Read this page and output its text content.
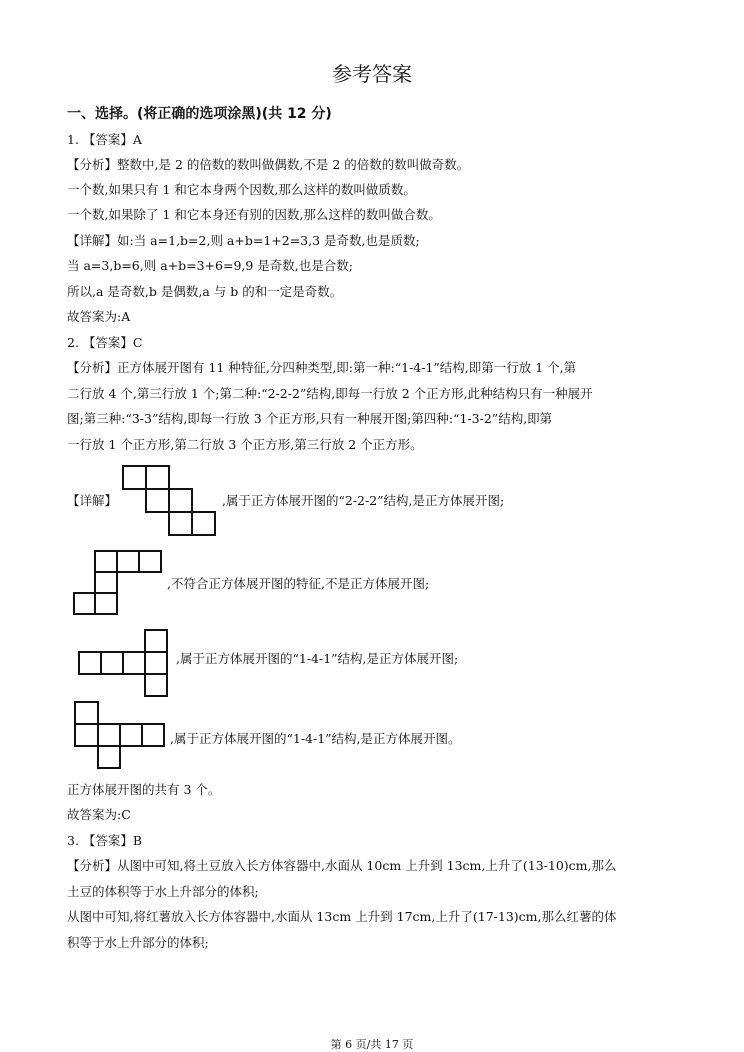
参考答案
一、选择。(将正确的选项涂黑)(共 12 分)
1. 【答案】A
【分析】整数中,是 2 的倍数的数叫做偶数,不是 2 的倍数的数叫做奇数。
一个数,如果只有 1 和它本身两个因数,那么这样的数叫做质数。
一个数,如果除了 1 和它本身还有别的因数,那么这样的数叫做合数。
【详解】如:当 a=1,b=2,则 a+b=1+2=3,3 是奇数,也是质数;
当 a=3,b=6,则 a+b=3+6=9,9 是奇数,也是合数;
所以,a 是奇数,b 是偶数,a 与 b 的和一定是奇数。
故答案为:A
2. 【答案】C
【分析】正方体展开图有 11 种特征,分四种类型,即:第一种:“1-4-1”结构,即第一行放 1 个,第
二行放 4 个,第三行放 1 个;第二种:“2-2-2”结构,即每一行放 2 个正方形,此种结构只有一种展开
图;第三种:“3-3”结构,即每一行放 3 个正方形,只有一种展开图;第四种:“1-3-2”结构,即第
一行放 1 个正方形,第二行放 3 个正方形,第三行放 2 个正方形。
【详解】	,属于正方体展开图的“2-2-2”结构,是正方体展开图;
,不符合正方体展开图的特征,不是正方体展开图;
,属于正方体展开图的“1-4-1”结构,是正方体展开图;
,属于正方体展开图的“1-4-1”结构,是正方体展开图。
正方体展开图的共有 3 个。
故答案为:C
3. 【答案】B
【分析】从图中可知,将土豆放入长方体容器中,水面从 10cm 上升到 13cm,上升了(13-10)cm,那么
土豆的体积等于水上升部分的体积;
从图中可知,将红薯放入长方体容器中,水面从 13cm 上升到 17cm,上升了(17-13)cm,那么红薯的体
积等于水上升部分的体积;
第 6 页/共 17 页
